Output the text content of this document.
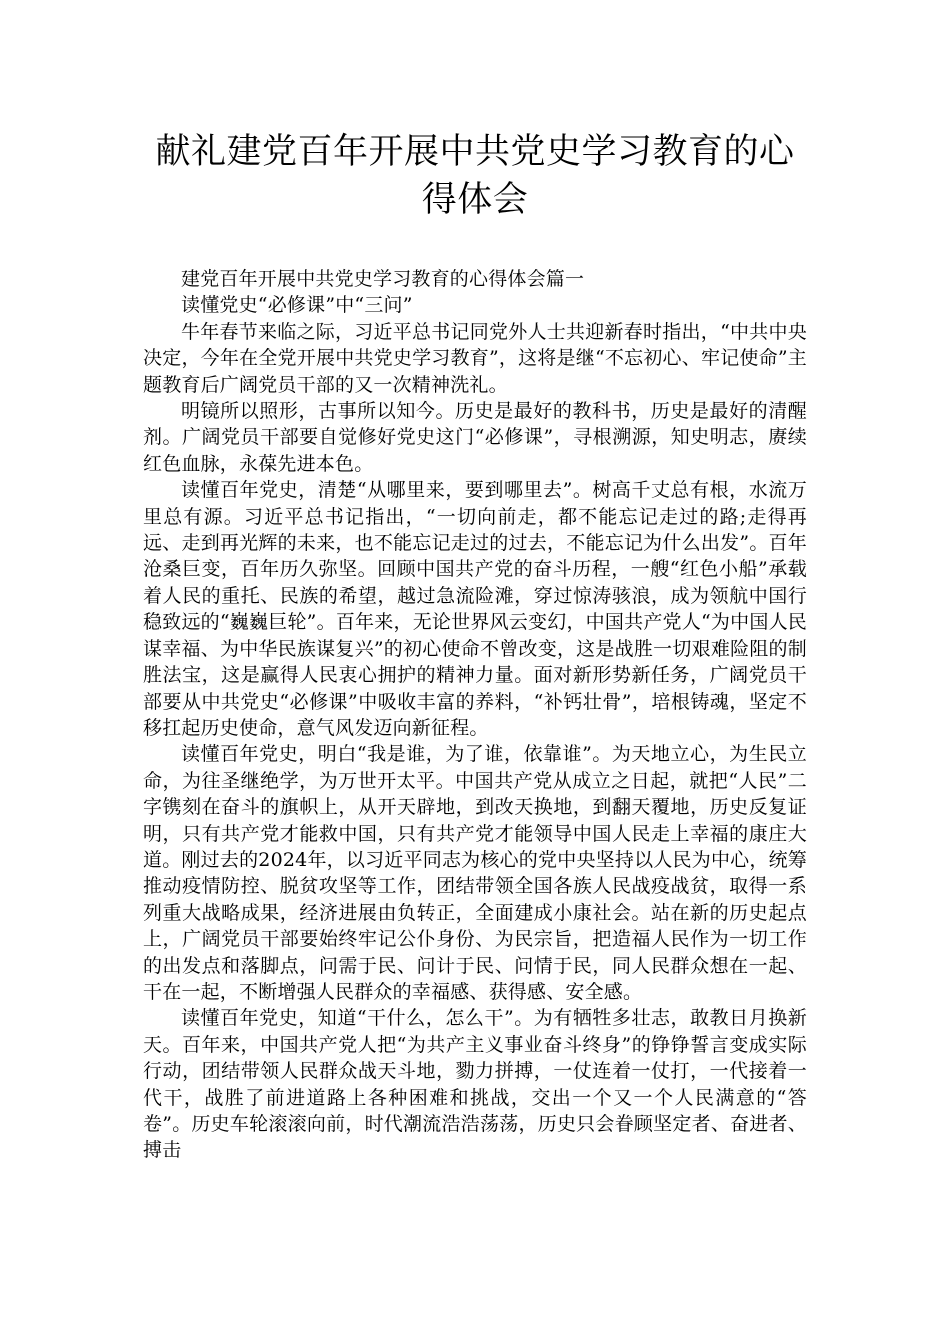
献礼建党百年开展中共党史学习教育的心
得体会

建党百年开展中共党史学习教育的心得体会篇一

读懂党史“必修课”中“三问”

牛年春节来临之际，习近平总书记同党外人士共迎新春时指出，“中共中央决定，今年在全党开展中共党史学习教育”，这将是继“不忘初心、牢记使命”主题教育后广阔党员干部的又一次精神洗礼。

明镜所以照形，古事所以知今。历史是最好的教科书，历史是最好的清醒剂。广阔党员干部要自觉修好党史这门“必修课”，寻根溯源，知史明志，赓续红色血脉，永葆先进本色。

读懂百年党史，清楚“从哪里来，要到哪里去”。树高千丈总有根，水流万里总有源。习近平总书记指出，“一切向前走，都不能忘记走过的路;走得再远、走到再光辉的未来，也不能忘记走过的过去，不能忘记为什么出发”。百年沧桑巨变，百年历久弥坚。回顾中国共产党的奋斗历程，一艘“红色小船”承载着人民的重托、民族的希望，越过急流险滩，穿过惊涛骇浪，成为领航中国行稳致远的“巍巍巨轮”。百年来，无论世界风云变幻，中国共产党人“为中国人民谋幸福、为中华民族谋复兴”的初心使命不曾改变，这是战胜一切艰难险阻的制胜法宝，这是赢得人民衷心拥护的精神力量。面对新形势新任务，广阔党员干部要从中共党史“必修课”中吸收丰富的养料，“补钙壮骨”，培根铸魂，坚定不移扛起历史使命，意气风发迈向新征程。

读懂百年党史，明白“我是谁，为了谁，依靠谁”。为天地立心，为生民立命，为往圣继绝学，为万世开太平。中国共产党从成立之日起，就把“人民”二字镌刻在奋斗的旗帜上，从开天辟地，到改天换地，到翻天覆地，历史反复证明，只有共产党才能救中国，只有共产党才能领导中国人民走上幸福的康庄大道。刚过去的2024年，以习近平同志为核心的党中央坚持以人民为中心，统筹推动疫情防控、脱贫攻坚等工作，团结带领全国各族人民战疫战贫，取得一系列重大战略成果，经济进展由负转正，全面建成小康社会。站在新的历史起点上，广阔党员干部要始终牢记公仆身份、为民宗旨，把造福人民作为一切工作的出发点和落脚点，问需于民、问计于民、问情于民，同人民群众想在一起、干在一起，不断增强人民群众的幸福感、获得感、安全感。

读懂百年党史，知道“干什么，怎么干”。为有牺牲多壮志，敢教日月换新天。百年来，中国共产党人把“为共产主义事业奋斗终身”的铮铮誓言变成实际行动，团结带领人民群众战天斗地，勠力拼搏，一仗连着一仗打，一代接着一代干，战胜了前进道路上各种困难和挑战，交出一个又一个人民满意的“答卷”。历史车轮滚滚向前，时代潮流浩浩荡荡，历史只会眷顾坚定者、奋进者、搏击
